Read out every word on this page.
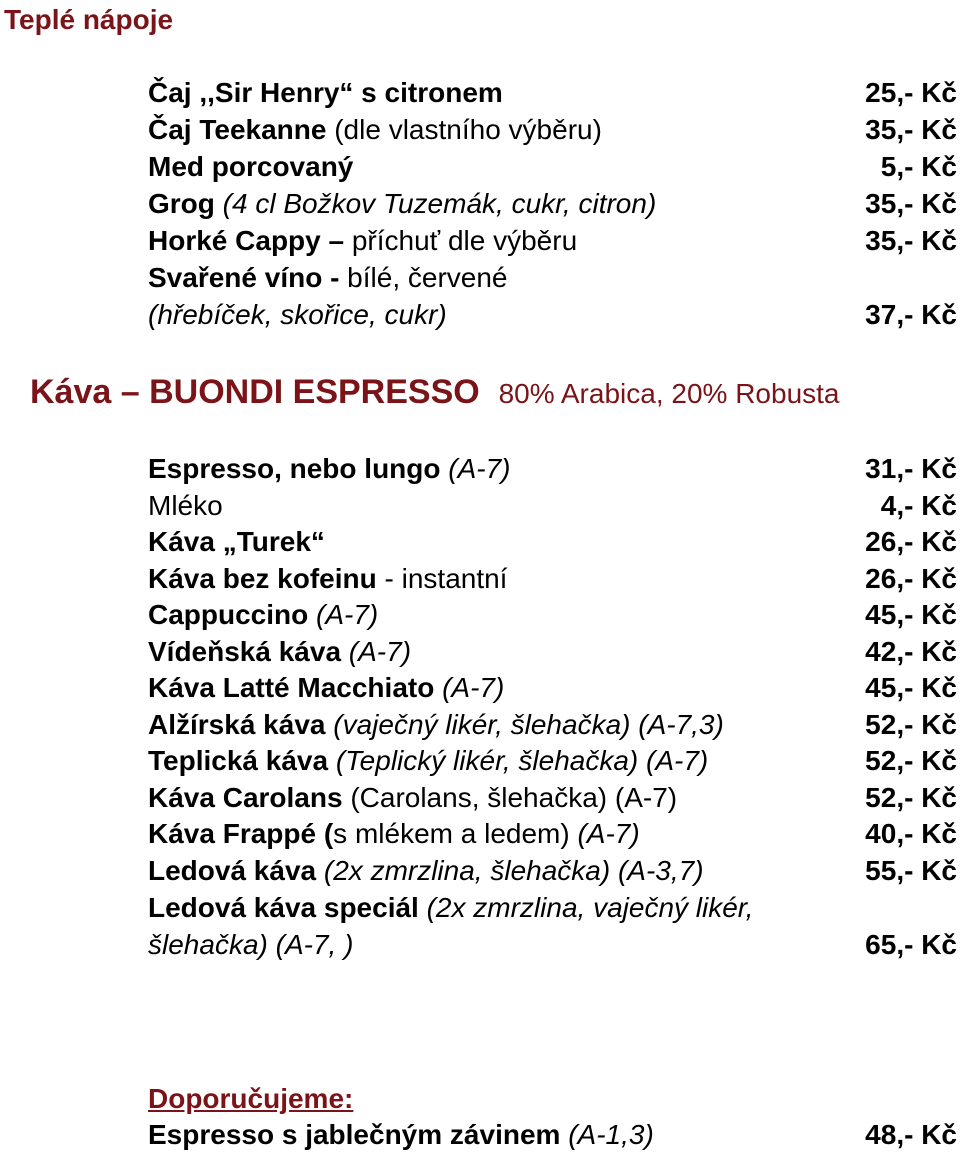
Teplé nápoje
Čaj ,,Sir Henry“ s citronem	25,- Kč
Čaj Teekanne (dle vlastního výběru)	35,- Kč
Med porcovaný	5,- Kč
Grog (4 cl Božkov Tuzemák, cukr, citron)	35,- Kč
Horké Cappy – příchuť dle výběru	35,- Kč
Svařené víno - bílé, červené
(hřebíček, skořice, cukr)	37,- Kč
Káva – BUONDI ESPRESSO 80% Arabica, 20% Robusta
Espresso, nebo lungo (A-7)	31,- Kč
Mléko	4,- Kč
Káva „Turek“	26,- Kč
Káva bez kofeinu - instantní	26,- Kč
Cappuccino (A-7)	45,- Kč
Vídeňská káva (A-7)	42,- Kč
Káva Latté Macchiato (A-7)	45,- Kč
Alžírská káva (vaječný likér, šlehačka) (A-7,3)	52,- Kč
Teplická káva (Teplický likér, šlehačka) (A-7)	52,- Kč
Káva Carolans (Carolans, šlehačka) (A-7)	52,- Kč
Káva Frappé (s mlékem a ledem) (A-7)	40,- Kč
Ledová káva (2x zmrzlina, šlehačka) (A-3,7)	55,- Kč
Ledová káva speciál (2x zmrzlina, vaječný likér,
šlehačka) (A-7, )	65,- Kč
Doporučujeme:
Espresso s jablečným závinem (A-1,3)	48,- Kč
